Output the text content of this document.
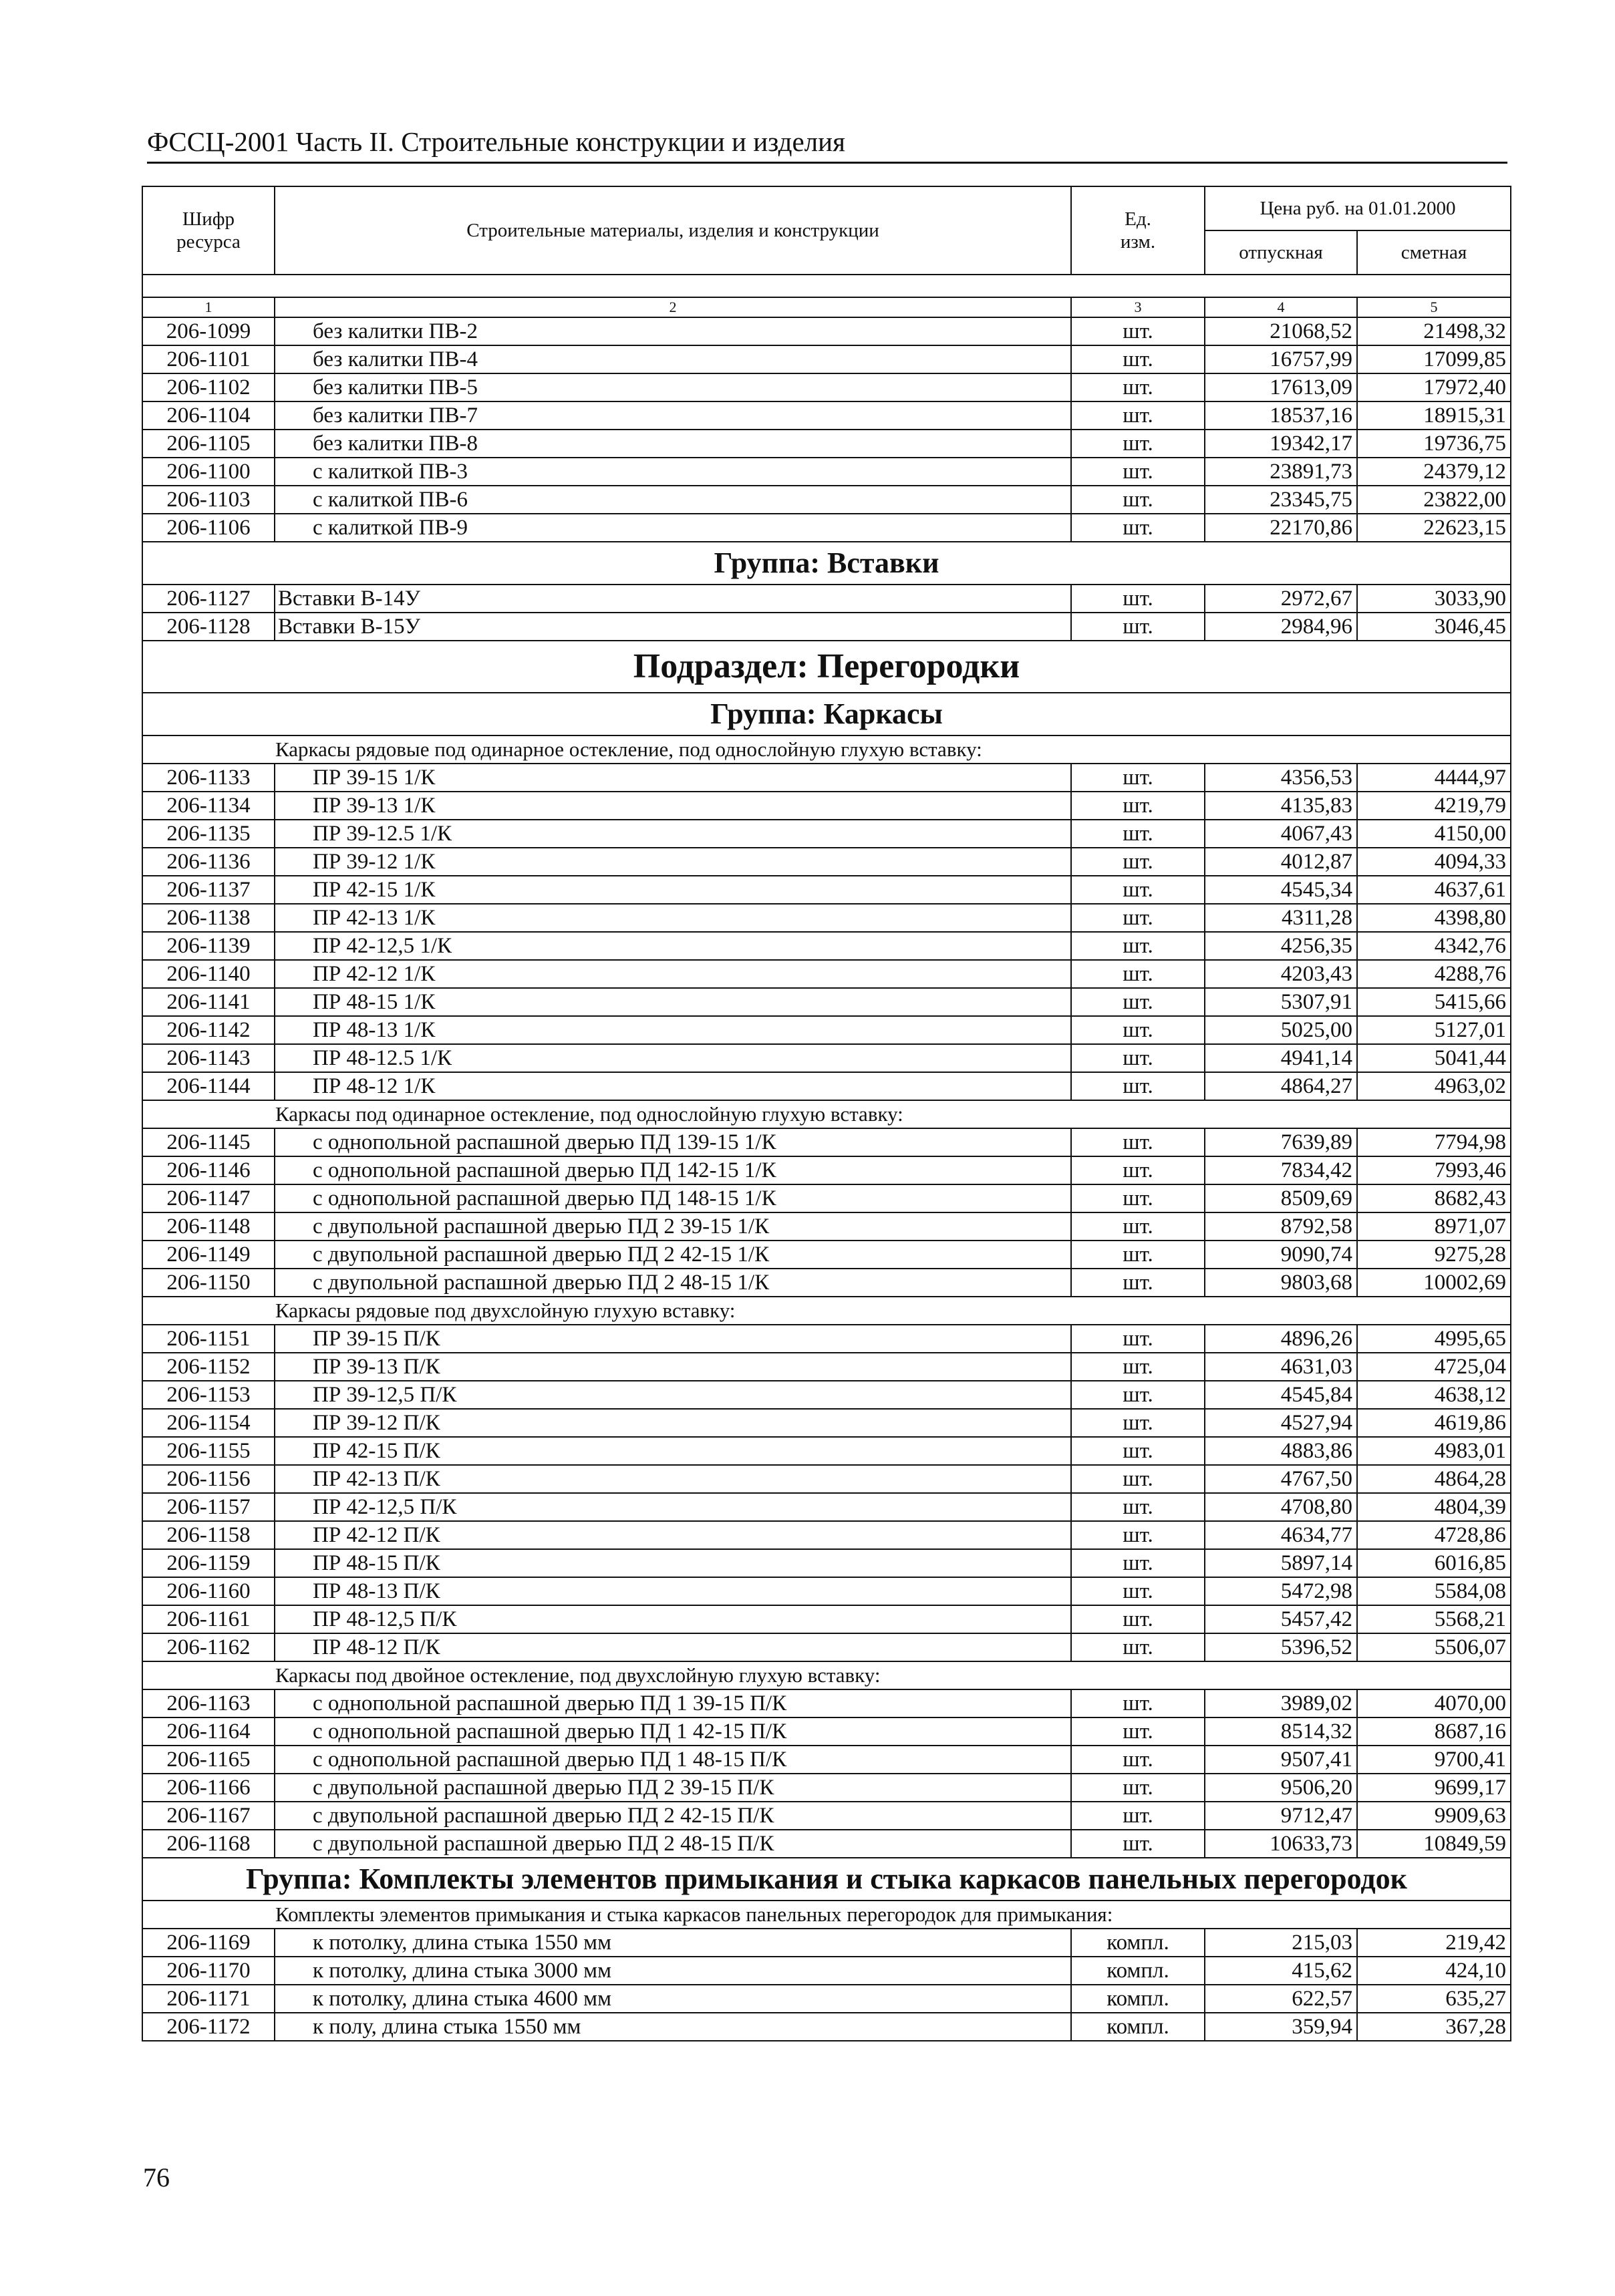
ФССЦ-2001 Часть II. Строительные конструкции и изделия
Шифр ресурса	Строительные материалы, изделия и конструкции	Ед. изм.	Цена руб. на 01.01.2000	
			отпускная	сметная

1	2	3	4	5
206-1099	без калитки ПВ-2	шт.	21068,52	21498,32
206-1101	без калитки ПВ-4	шт.	16757,99	17099,85
206-1102	без калитки ПВ-5	шт.	17613,09	17972,40
206-1104	без калитки ПВ-7	шт.	18537,16	18915,31
206-1105	без калитки ПВ-8	шт.	19342,17	19736,75
206-1100	с калиткой ПВ-3	шт.	23891,73	24379,12
206-1103	с калиткой ПВ-6	шт.	23345,75	23822,00
206-1106	с калиткой ПВ-9	шт.	22170,86	22623,15
Группа: Вставки				
206-1127	Вставки В-14У	шт.	2972,67	3033,90
206-1128	Вставки В-15У	шт.	2984,96	3046,45
Подраздел: Перегородки				
Группа: Каркасы				
Каркасы рядовые под одинарное остекление, под однослойную глухую вставку:				
206-1133	ПР 39-15 1/К	шт.	4356,53	4444,97
206-1134	ПР 39-13 1/К	шт.	4135,83	4219,79
206-1135	ПР 39-12.5 1/К	шт.	4067,43	4150,00
206-1136	ПР 39-12 1/К	шт.	4012,87	4094,33
206-1137	ПР 42-15 1/К	шт.	4545,34	4637,61
206-1138	ПР 42-13 1/К	шт.	4311,28	4398,80
206-1139	ПР 42-12,5 1/К	шт.	4256,35	4342,76
206-1140	ПР 42-12 1/К	шт.	4203,43	4288,76
206-1141	ПР 48-15 1/К	шт.	5307,91	5415,66
206-1142	ПР 48-13 1/К	шт.	5025,00	5127,01
206-1143	ПР 48-12.5 1/К	шт.	4941,14	5041,44
206-1144	ПР 48-12 1/К	шт.	4864,27	4963,02
Каркасы под одинарное остекление, под однослойную глухую вставку:				
206-1145	с однопольной распашной дверью ПД 139-15 1/К	шт.	7639,89	7794,98
206-1146	с однопольной распашной дверью ПД 142-15 1/К	шт.	7834,42	7993,46
206-1147	с однопольной распашной дверью ПД 148-15 1/К	шт.	8509,69	8682,43
206-1148	с двупольной распашной дверью ПД 2 39-15 1/К	шт.	8792,58	8971,07
206-1149	с двупольной распашной дверью ПД 2 42-15 1/К	шт.	9090,74	9275,28
206-1150	с двупольной распашной дверью ПД 2 48-15 1/К	шт.	9803,68	10002,69
Каркасы рядовые под двухслойную глухую вставку:				
206-1151	ПР 39-15 П/К	шт.	4896,26	4995,65
206-1152	ПР 39-13 П/К	шт.	4631,03	4725,04
206-1153	ПР 39-12,5 П/К	шт.	4545,84	4638,12
206-1154	ПР 39-12 П/К	шт.	4527,94	4619,86
206-1155	ПР 42-15 П/К	шт.	4883,86	4983,01
206-1156	ПР 42-13 П/К	шт.	4767,50	4864,28
206-1157	ПР 42-12,5 П/К	шт.	4708,80	4804,39
206-1158	ПР 42-12 П/К	шт.	4634,77	4728,86
206-1159	ПР 48-15 П/К	шт.	5897,14	6016,85
206-1160	ПР 48-13 П/К	шт.	5472,98	5584,08
206-1161	ПР 48-12,5 П/К	шт.	5457,42	5568,21
206-1162	ПР 48-12 П/К	шт.	5396,52	5506,07
Каркасы под двойное остекление, под двухслойную глухую вставку:				
206-1163	с однопольной распашной дверью ПД 1 39-15 П/К	шт.	3989,02	4070,00
206-1164	с однопольной распашной дверью ПД 1 42-15 П/К	шт.	8514,32	8687,16
206-1165	с однопольной распашной дверью ПД 1 48-15 П/К	шт.	9507,41	9700,41
206-1166	с двупольной распашной дверью ПД 2 39-15 П/К	шт.	9506,20	9699,17
206-1167	с двупольной распашной дверью ПД 2 42-15 П/К	шт.	9712,47	9909,63
206-1168	с двупольной распашной дверью ПД 2 48-15 П/К	шт.	10633,73	10849,59
Группа: Комплекты элементов примыкания и стыка каркасов панельных перегородок				
Комплекты элементов примыкания и стыка каркасов панельных перегородок для примыкания:				
206-1169	к потолку, длина стыка 1550 мм	компл.	215,03	219,42
206-1170	к потолку, длина стыка 3000 мм	компл.	415,62	424,10
206-1171	к потолку, длина стыка 4600 мм	компл.	622,57	635,27
206-1172	к полу, длина стыка 1550 мм	компл.	359,94	367,28
76
